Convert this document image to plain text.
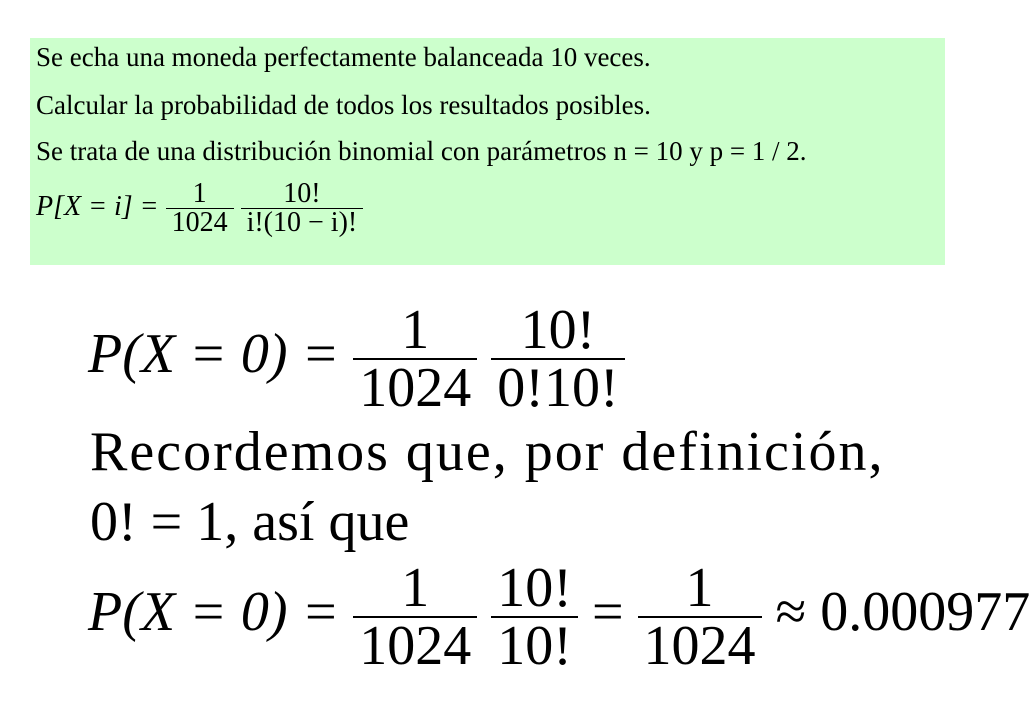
Se echa una moneda perfectamente balanceada 10 veces.
Calcular la probabilidad de todos los resultados posibles.
Se trata de una distribución binomial con parámetros n = 10 y p = 1 / 2.
$P[X = i] = \frac{1}{1024}$
$\frac{10!}{i!(10 - i)!}$
$P(X = 0) = \frac{1}{1024}$
$\frac{10!}{0!10!}$
Recordemos que, por definición,
0! = 1, así que
$P(X = 0) = \frac{1}{1024}$
$\frac{10!}{10!} = \frac{1}{1024} \approx 0.000977$
